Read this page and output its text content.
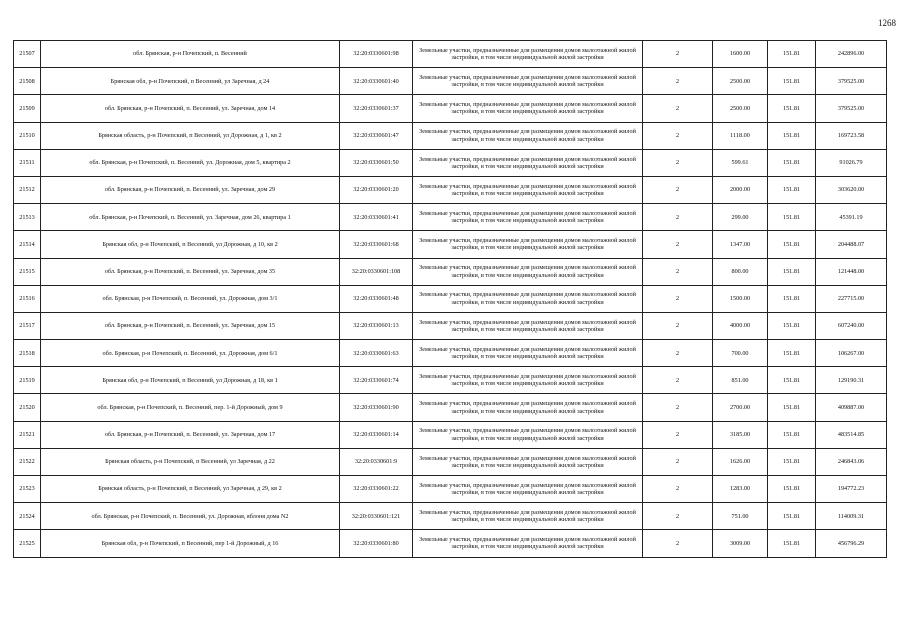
1268
21507	обл. Брянская, р-н Почепский, п. Весенний	32:20:0330601:98	Земельные участки, предназначенные для размещения домов малоэтажной жилой застройки, в том числе индивидуальной жилой застройки	2	1600.00	151.81	242896.00
21508	Брянская обл, р-н Почепский, п Весенний, ул Заречная, д 24	32:20:0330601:40	Земельные участки, предназначенные для размещения домов малоэтажной жилой застройки, в том числе индивидуальной жилой застройки	2	2500.00	151.81	379525.00
21509	обл. Брянская, р-н Почепский, п. Весенний, ул. Заречная, дом 14	32:20:0330601:37	Земельные участки, предназначенные для размещения домов малоэтажной жилой застройки, в том числе индивидуальной жилой застройки	2	2500.00	151.81	379525.00
21510	Брянская область, р-н Почепский, п Весенний, ул Дорожная, д 1, кв 2	32:20:0330601:47	Земельные участки, предназначенные для размещения домов малоэтажной жилой застройки, в том числе индивидуальной жилой застройки	2	1118.00	151.81	169723.58
21511	обл. Брянская, р-н Почепский, п. Весенний, ул. Дорожная, дом 5, квартира 2	32:20:0330601:50	Земельные участки, предназначенные для размещения домов малоэтажной жилой застройки, в том числе индивидуальной жилой застройки	2	599.61	151.81	91026.79
21512	обл. Брянская, р-н Почепский, п. Весенний, ул. Заречная, дом 29	32:20:0330601:20	Земельные участки, предназначенные для размещения домов малоэтажной жилой застройки, в том числе индивидуальной жилой застройки	2	2000.00	151.81	303620.00
21513	обл. Брянская, р-н Почепский, п. Весенний, ул. Заречная, дом 26, квартира 1	32:20:0330601:41	Земельные участки, предназначенные для размещения домов малоэтажной жилой застройки, в том числе индивидуальной жилой застройки	2	299.00	151.81	45391.19
21514	Брянская обл, р-н Почепский, п Весенний, ул Дорожная, д 10, кв 2	32:20:0330601:68	Земельные участки, предназначенные для размещения домов малоэтажной жилой застройки, в том числе индивидуальной жилой застройки	2	1347.00	151.81	204488.07
21515	обл. Брянская, р-н Почепский, п. Весенний, ул. Заречная, дом 35	32:20:0330601:108	Земельные участки, предназначенные для размещения домов малоэтажной жилой застройки, в том числе индивидуальной жилой застройки	2	800.00	151.81	121448.00
21516	обл. Брянская, р-н Почепский, п. Весенний, ул. Дорожная, дом 3/1	32:20:0330601:48	Земельные участки, предназначенные для размещения домов малоэтажной жилой застройки, в том числе индивидуальной жилой застройки	2	1500.00	151.81	227715.00
21517	обл. Брянская, р-н Почепский, п. Весенний, ул. Заречная, дом 15	32:20:0330601:13	Земельные участки, предназначенные для размещения домов малоэтажной жилой застройки, в том числе индивидуальной жилой застройки	2	4000.00	151.81	607240.00
21518	обл. Брянская, р-н Почепский, п. Весенний, ул. Дорожная, дом 6/1	32:20:0330601:63	Земельные участки, предназначенные для размещения домов малоэтажной жилой застройки, в том числе индивидуальной жилой застройки	2	700.00	151.81	106267.00
21519	Брянская обл, р-н Почепский, п Весенний, ул Дорожная, д 18, кв 1	32:20:0330601:74	Земельные участки, предназначенные для размещения домов малоэтажной жилой застройки, в том числе индивидуальной жилой застройки	2	851.00	151.81	129190.31
21520	обл. Брянская, р-н Почепский, п. Весенний, пер. 1-й Дорожный, дом 9	32:20:0330601:90	Земельные участки, предназначенные для размещения домов малоэтажной жилой застройки, в том числе индивидуальной жилой застройки	2	2700.00	151.81	409887.00
21521	обл. Брянская, р-н Почепский, п. Весенний, ул. Заречная, дом 17	32:20:0330601:14	Земельные участки, предназначенные для размещения домов малоэтажной жилой застройки, в том числе индивидуальной жилой застройки	2	3185.00	151.81	483514.85
21522	Брянская область, р-н Почепский, п Весенний, ул Заречная, д 22	32:20:0330601:9	Земельные участки, предназначенные для размещения домов малоэтажной жилой застройки, в том числе индивидуальной жилой застройки	2	1626.00	151.81	246843.06
21523	Брянская область, р-н Почепский, п Весенний, ул Заречная, д 29, кв 2	32:20:0330601:22	Земельные участки, предназначенные для размещения домов малоэтажной жилой застройки, в том числе индивидуальной жилой застройки	2	1283.00	151.81	194772.23
21524	обл. Брянская, р-н Почепский, п. Весенний, ул. Дорожная, яблоня дома N2	32:20:0330601:121	Земельные участки, предназначенные для размещения домов малоэтажной жилой застройки, в том числе индивидуальной жилой застройки	2	751.00	151.81	114009.31
21525	Брянская обл, р-н Почепский, п Весенний, пер 1-й Дорожный, д 16	32:20:0330601:80	Земельные участки, предназначенные для размещения домов малоэтажной жилой застройки, в том числе индивидуальной жилой застройки	2	3009.00	151.81	456796.29
